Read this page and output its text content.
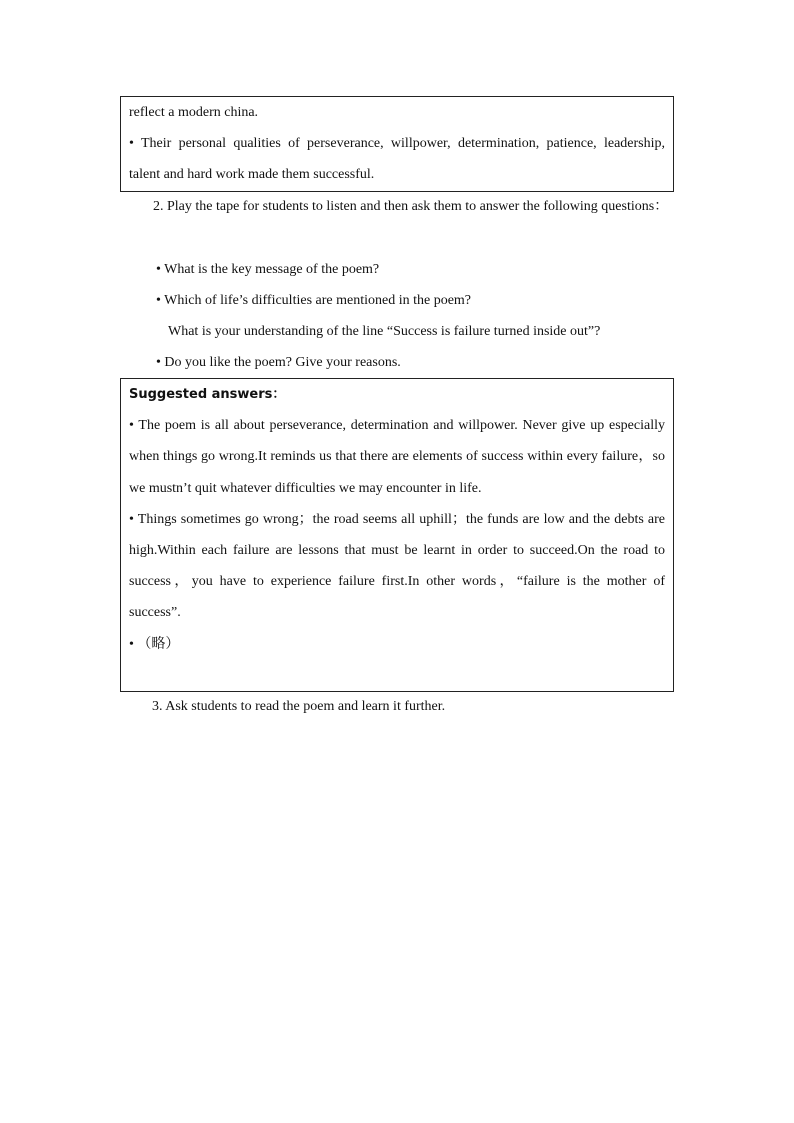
reflect a modern china.

• Their personal qualities of perseverance, willpower, determination, patience, leadership, talent and hard work made them successful.

2. Play the tape for students to listen and then ask them to answer the following questions：

• What is the key message of the poem?

• Which of life’s difficulties are mentioned in the poem?

What is your understanding of the line “Success is failure turned inside out”?

• Do you like the poem? Give your reasons.

Suggested answers：

• The poem is all about perseverance, determination and willpower. Never give up especially when things go wrong.It reminds us that there are elements of success within every failure，so we mustn’t quit whatever difficulties we may encounter in life.

• Things sometimes go wrong；the road seems all uphill；the funds are low and the debts are high.Within each failure are lessons that must be learnt in order to succeed.On the road to success，you have to experience failure first.In other words，“failure is the mother of success”.

• （略）

3. Ask students to read the poem and learn it further.
